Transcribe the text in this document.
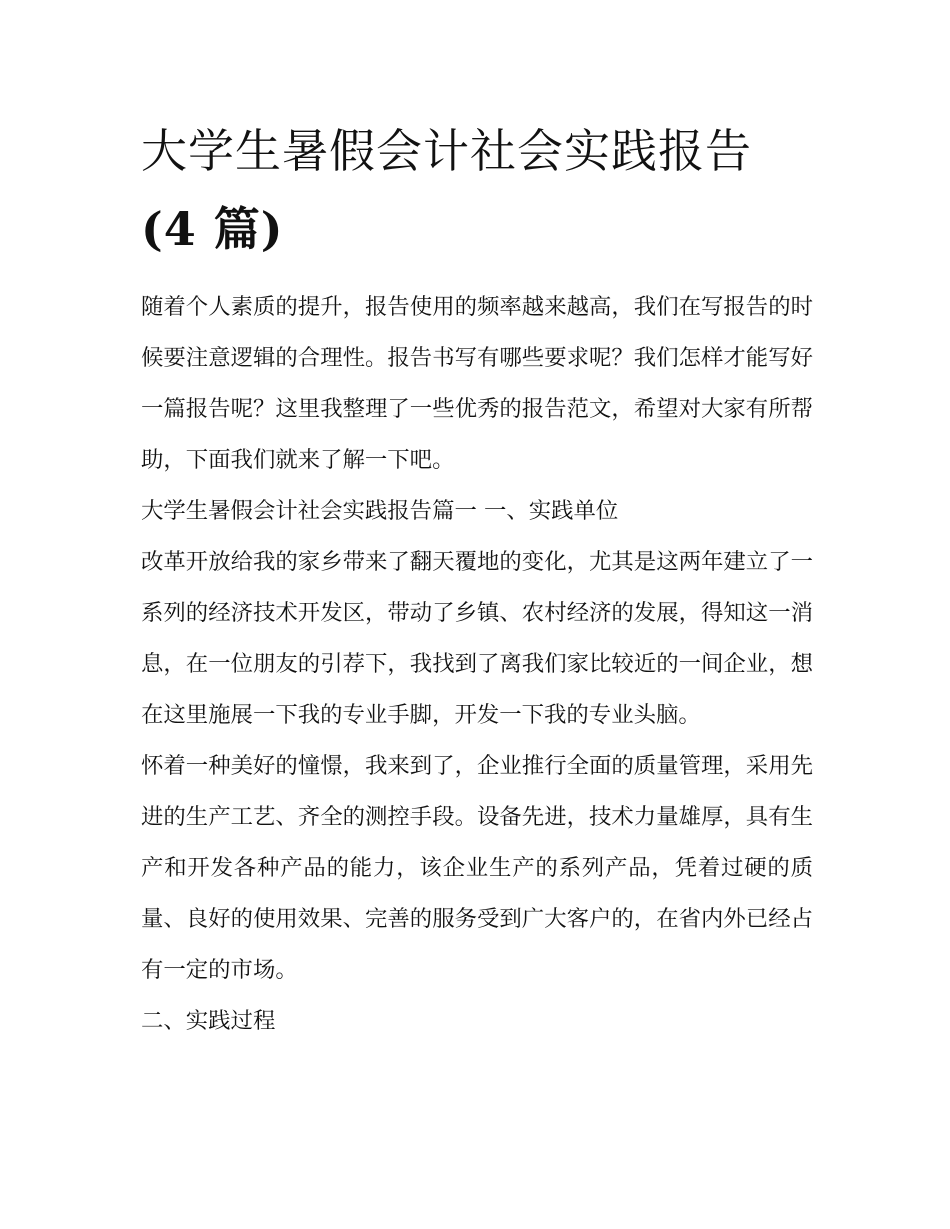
大学生暑假会计社会实践报告
(4 篇)

随着个人素质的提升，报告使用的频率越来越高，我们在写报告的时候要注意逻辑的合理性。报告书写有哪些要求呢？我们怎样才能写好一篇报告呢？这里我整理了一些优秀的报告范文，希望对大家有所帮助，下面我们就来了解一下吧。

大学生暑假会计社会实践报告篇一 一、实践单位

改革开放给我的家乡带来了翻天覆地的变化，尤其是这两年建立了一系列的经济技术开发区，带动了乡镇、农村经济的发展，得知这一消息，在一位朋友的引荐下，我找到了离我们家比较近的一间企业，想在这里施展一下我的专业手脚，开发一下我的专业头脑。

怀着一种美好的憧憬，我来到了，企业推行全面的质量管理，采用先进的生产工艺、齐全的测控手段。设备先进，技术力量雄厚，具有生产和开发各种产品的能力，该企业生产的系列产品，凭着过硬的质量、良好的使用效果、完善的服务受到广大客户的，在省内外已经占有一定的市场。

二、实践过程
